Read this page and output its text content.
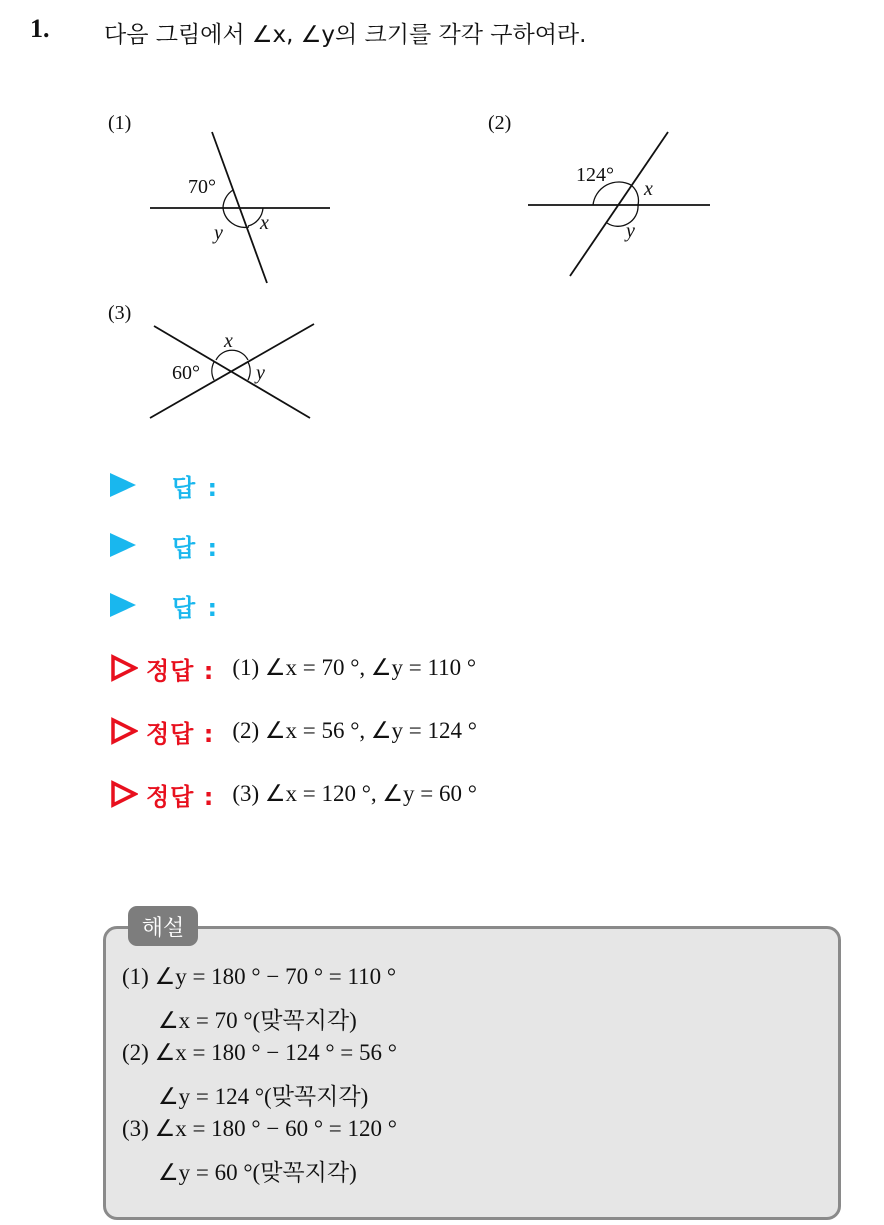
1. 다음 그림에서 ∠x, ∠y의 크기를 각각 구하여라.
(1)
70°
x
y
(2)
124°
x
y
(3)
x
60°	y
답 :
답 :
답 :
정답 : (1) ∠x = 70 °, ∠y = 110 °
정답 : (2) ∠x = 56 °, ∠y = 124 °
정답 : (3) ∠x = 120 °, ∠y = 60 °
해설
(1) ∠y = 180 ° − 70 ° = 110 °
∠x = 70 °(맞꼭지각)
(2) ∠x = 180 ° − 124 ° = 56 °
∠y = 124 °(맞꼭지각)
(3) ∠x = 180 ° − 60 ° = 120 °
∠y = 60 °(맞꼭지각)
